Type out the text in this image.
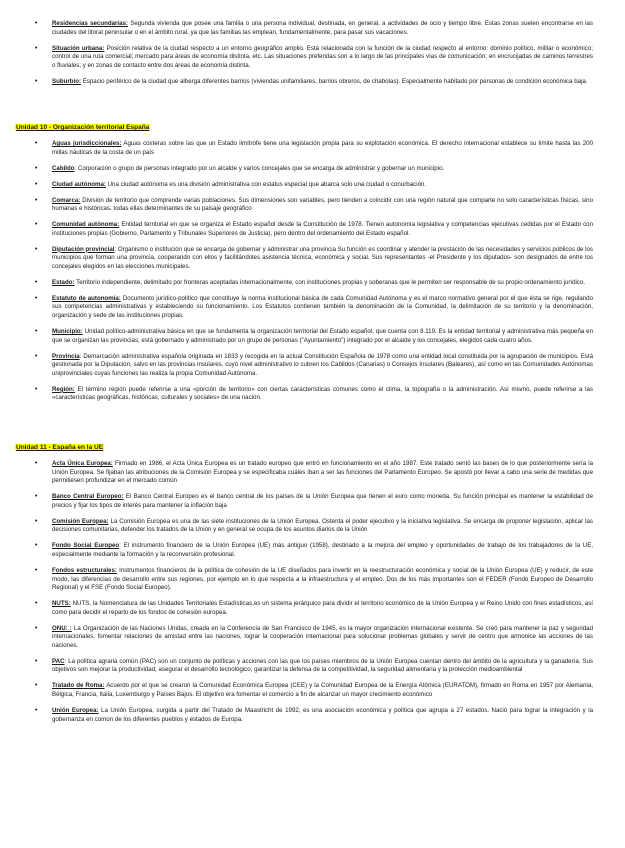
• Residencias secundarias: Segunda vivienda que posee una familia o una persona individual, destinada, en general, a actividades de ocio y tiempo libre. Estas zonas suelen encontrarse en las ciudades del litoral peninsular o en el ámbito rural, ya que las familias las emplean, fundamentalmente, para pasar sus vacaciones.
• Situación urbana: Posición relativa de la ciudad respecto a un entorno geográfico amplio. Está relacionada con la función de la ciudad respecto al entorno: dominio político, militar o económico; control de una ruta comercial; mercado para áreas de economía distinta, etc. Las situaciones preferidas son a lo largo de las principales vías de comunicación; en encrucijadas de caminos terrestres o fluviales; y en zonas de contacto entre dos áreas de economía distinta.
• Suburbio: Espacio periférico de la ciudad que alberga diferentes barrios (viviendas unifamiliares, barrios obreros, de chabolas). Especialmente habitado por personas de condición económica baja.
Unidad 10 - Organización territorial España
• Aguas jurisdiccionales: Aguas costeras sobre las que un Estado limítrofe tiene una legislación propia para su explotación económica. El derecho internacional establece su límite hasta las 200 millas náuticas de la costa de un país
• Cabildo: Corporación o grupo de personas integrado por un alcalde y varios concejales que se encarga de administrar y gobernar un municipio.
• Ciudad autónoma: Una ciudad autónoma es una división administrativa con estatus especial que abarca solo una ciudad o conurbación.
• Comarca: División de territorio que comprende varias poblaciones. Sus dimensiones son variables, pero tienden a coincidir con una región natural que comparte no solo características físicas, sino humanas e históricas, todas ellas determinantes de su paisaje geográfico
• Comunidad autónoma: Entidad territorial en que se organiza el Estado español desde la Constitución de 1978. Tienen autonomía legislativa y competencias ejecutivas cedidas por el Estado con instituciones propias (Gobierno, Parlamento y Tribunales Superiores de Justicia), pero dentro del ordenamiento del Estado español.
• Diputación provincial: Organismo o institución que se encarga de gobernar y administrar una provincia Su función es coordinar y atender la prestación de las necesidades y servicios públicos de los municipios que forman una provincia, cooperando con ellos y facilitándoles asistencia técnica, económica y social. Sus representantes -el Presidente y los diputados- son designados de entre los concejales elegidos en las elecciones municipales.
• Estado: Territorio independiente, delimitado por fronteras aceptadas internacionalmente, con instituciones propias y soberanas que le permiten ser responsable de su propio ordenamiento jurídico.
• Estatuto de autonomía: Documento jurídico-político que constituye la norma institucional básica de cada Comunidad Autónoma y es el marco normativo general por el que ésta se rige, regulando sus competencias administrativas y estableciendo su funcionamiento. Los Estatutos contienen también la denominación de la Comunidad, la delimitación de su territorio y la denominación, organización y sede de las instituciones propias.
• Municipio: Unidad político-administrativa básica en que se fundamenta la organización territorial del Estado español, que cuenta con 8.119. Es la entidad territorial y administrativa más pequeña en que se organizan las provincias; está gobernado y administrado por un grupo de personas ("Ayuntamiento") integrado por el alcalde y los concejales, elegidos cada cuatro años.
• Provincia: Demarcación administrativa española originada en 1833 y recogida en la actual Constitución Española de 1978 como una entidad local constituida por la agrupación de municipios. Está gestionada por la Diputación, salvo en las provincias insulares, cuyo nivel administrativo lo cubren los Cabildos (Canarias) o Consejos Insulares (Baleares), así como en las Comunidades Autónomas uniprovinciales cuyas funciones las realiza la propia Comunidad Autónoma.
• Región: El término región puede referirse a una «porción de territorio» con ciertas características comunes como el clima, la topografía o la administración. Así mismo, puede referirse a las «características geográficas, históricas, culturales y sociales» de una nación.
Unidad 11 - España en la UE
• Acta Única Europea: Firmado en 1986, el Acta Única Europea es un tratado europeo que entró en funcionamiento en el año 1987. Este tratado sentó las bases de lo que posteriormente sería la Unión Europea. Se fijaban las atribuciones de la Comisión Europea y se especificaba cuáles iban a ser las funciones del Parlamento Europeo. Se apostó por llevar a cabo una serie de medidas que permitiesen profundizar en el mercado común
• Banco Central Europeo: El Banco Central Europeo es el banco central de los países de la Unión Europea que tienen el euro como moneda. Su función principal es mantener la estabilidad de precios y fijar los tipos de interés para mantener la inflación baja
• Comisión Europea: La Comisión Europea es una de las siete instituciones de la Unión Europea. Ostenta el poder ejecutivo y la iniciativa legislativa. Se encarga de proponer legislación, aplicar las decisiones comunitarias, defender los tratados de la Unión y en general se ocupa de los asuntos diarios de la Unión
• Fondo Social Europeo: El instrumento financiero de la Unión Europea (UE) más antiguo (1958), destinado a la mejora del empleo y oportunidades de trabajo de los trabajadores de la UE, especialmente mediante la formación y la reconversión profesional.
• Fondos estructurales: Instrumentos financieros de la política de cohesión de la UE diseñados para invertir en la reestructuración económica y social de la Unión Europea (UE) y reducir, de este modo, las diferencias de desarrollo entre sus regiones, por ejemplo en lo que respecta a la infraestructura y el empleo. Dos de los más importantes son el FEDER (Fondo Europeo de Desarrollo Regional) y el FSE (Fondo Social Europeo).
• NUTS: NUTS, la Nomenclatura de las Unidades Territoriales Estadísticas,es un sistema jerárquico para dividir el territorio económico de la Unión Europea y el Reino Unido con fines estadísticos, así como para decidir el reparto de los fondos de cohesión europea.
• ONU: : La Organización de las Naciones Unidas, creada en la Conferencia de San Francisco de 1945, es la mayor organización internacional existente. Se creó para mantener la paz y seguridad internacionales, fomentar relaciones de amistad entre las naciones, lograr la cooperación internacional para solucionar problemas globales y servir de centro que armonice las acciones de las naciones.
• PAC: La política agraria común (PAC) son un conjunto de políticas y acciones con las que los países miembros de la Unión Europea cuentan dentro del ámbito de la agricultura y la ganadería. Sus objetivos son mejorar la productividad, asegurar el desarrollo tecnológico, garantizar la defensa de la competitividad, la seguridad alimentaria y la protección medioambiental
• Tratado de Roma: Acuerdo por el que se crearon la Comunidad Económica Europea (CEE) y la Comunidad Europea de la Energía Atómica (EURATOM), firmado en Roma en 1957 por Alemania, Bélgica, Francia, Italia, Luxemburgo y Países Bajos. El objetivo era fomentar el comercio a fin de alcanzar un mayor crecimiento económico
• Unión Europea: La Unión Europea, surgida a partir del Tratado de Maastricht de 1992, es una asociación económica y política que agrupa a 27 estados. Nació para lograr la integración y la gobernanza en común de los diferentes pueblos y estados de Europa.
